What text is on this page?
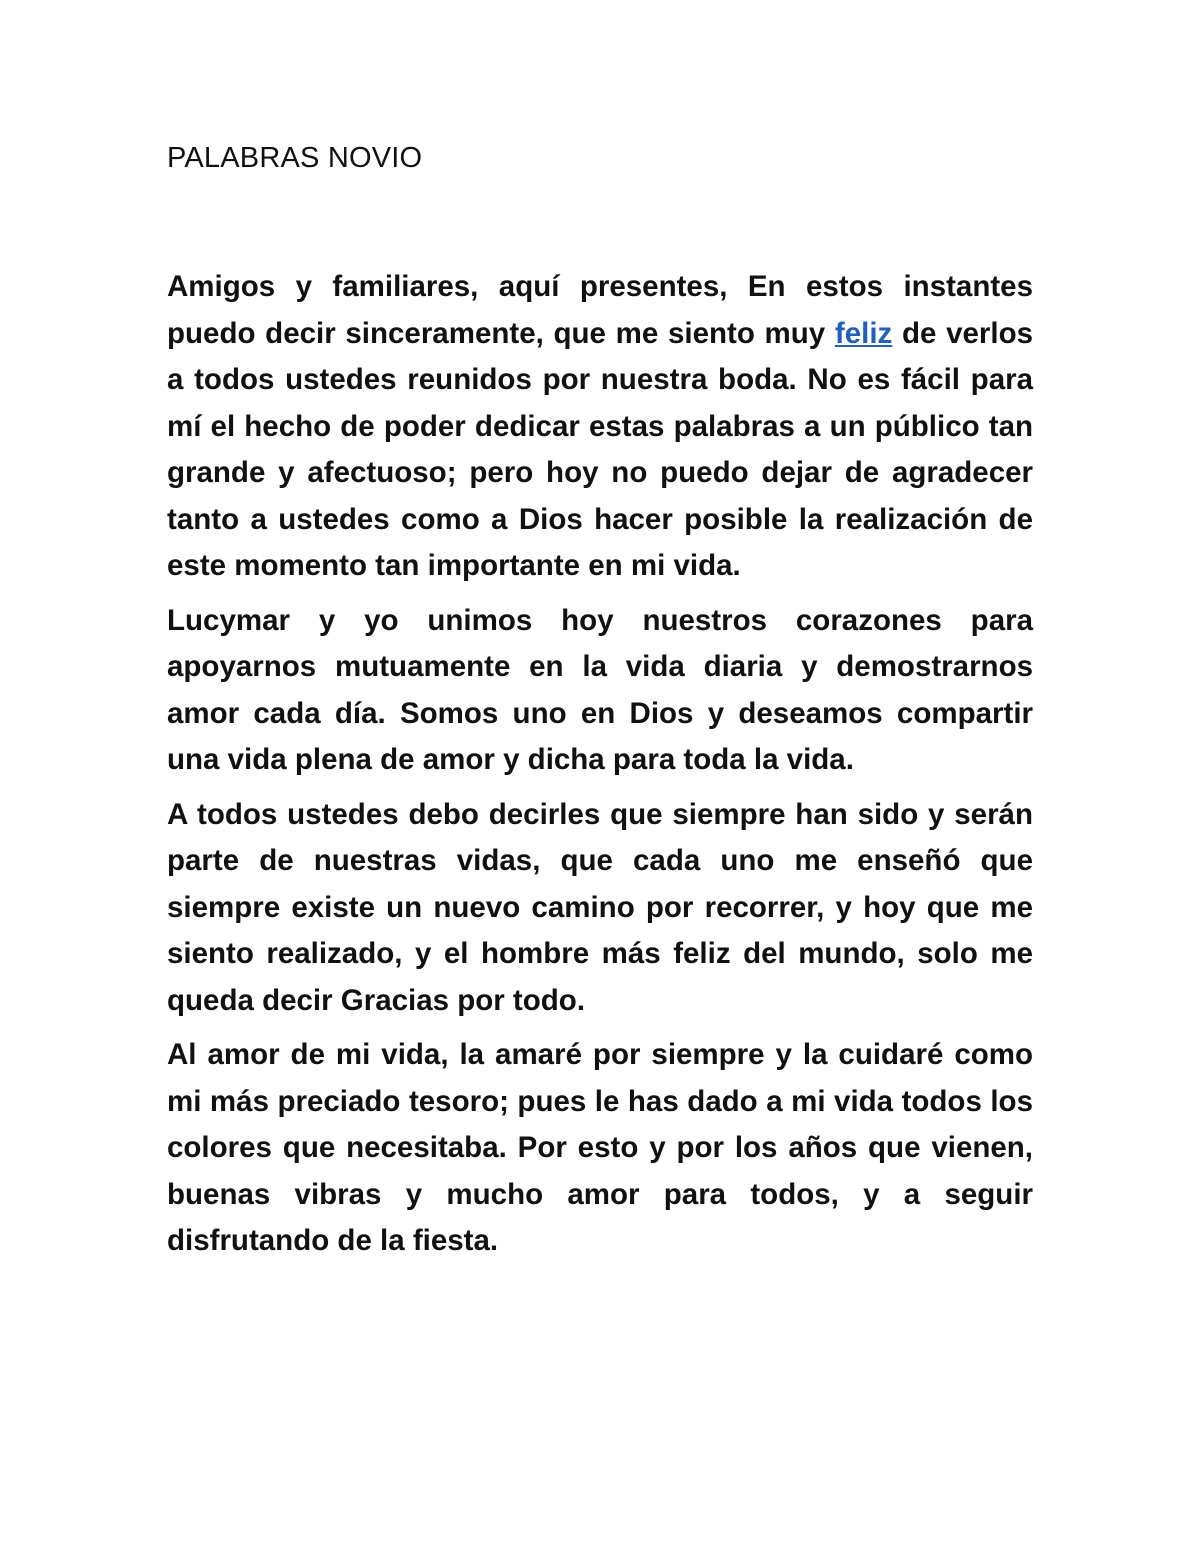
PALABRAS NOVIO

Amigos y familiares, aquí presentes, En estos instantes puedo decir sinceramente, que me siento muy feliz de verlos a todos ustedes reunidos por nuestra boda. No es fácil para mí el hecho de poder dedicar estas palabras a un público tan grande y afectuoso; pero hoy no puedo dejar de agradecer tanto a ustedes como a Dios hacer posible la realización de este momento tan importante en mi vida.

Lucymar y yo unimos hoy nuestros corazones para apoyarnos mutuamente en la vida diaria y demostrarnos amor cada día. Somos uno en Dios y deseamos compartir una vida plena de amor y dicha para toda la vida.

A todos ustedes debo decirles que siempre han sido y serán parte de nuestras vidas, que cada uno me enseñó que siempre existe un nuevo camino por recorrer, y hoy que me siento realizado, y el hombre más feliz del mundo, solo me queda decir Gracias por todo.

Al amor de mi vida, la amaré por siempre y la cuidaré como mi más preciado tesoro; pues le has dado a mi vida todos los colores que necesitaba. Por esto y por los años que vienen, buenas vibras y mucho amor para todos, y a seguir disfrutando de la fiesta.
